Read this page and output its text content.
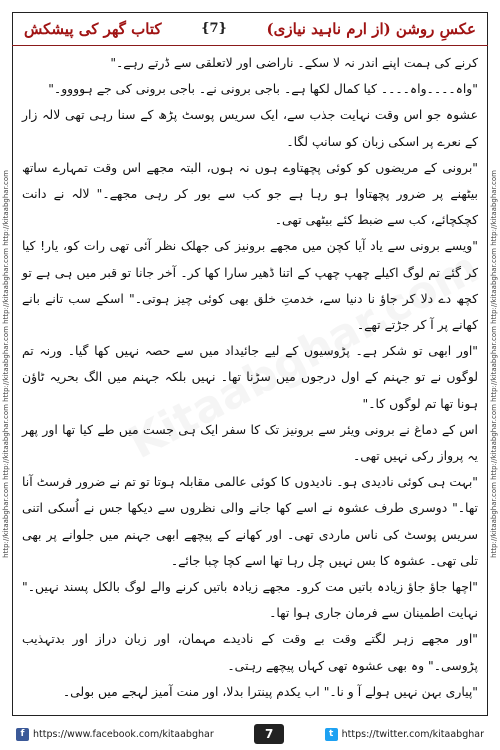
http://kitaabghar.com http://kitaabghar.com http://kitaabghar.com http://kitaabghar.com http://kitaabghar.com	http://kitaabghar.com http://kitaabghar.com http://kitaabghar.com http://kitaabghar.com http://kitaabghar.com
کتاب گھر کی پیشکش	{7}	عکسِ روشن (از ارم ناہید نیازی)

کرنے کی ہمت اپنے اندر نہ لا سکے۔ ناراضی اور لاتعلقی سے ڈرتے رہے۔"

"واہ۔۔۔۔واہ۔۔۔۔ کیا کمال لکھا ہے۔ باجی برونی نے۔ باجی برونی کی جے ہوووو۔"

عشوہ جو اس وقت نہایت جذب سے، ایک سریس پوسٹ پڑھ کے سنا رہی تھی لالہ زار کے نعرے پر اسکی زبان کو سانپ لگا۔

"برونی کے مریضوں کو کوئی پچھتاوے ہوں نہ ہوں، البتہ مجھے اس وقت تمہارے ساتھ بیٹھنے پر ضرور پچھتاوا ہو رہا ہے جو کب سے بور کر رہی مجھے۔" لالہ نے دانت کچکچائے، کب سے ضبط کئے بیٹھی تھی۔

"ویسے برونی سے یاد آیا کچن میں مجھے برونیز کی جھلک نظر آئی تھی رات کو، یار! کیا کر گئے تم لوگ اکیلے چھپ چھپ کے اتنا ڈھیر سارا کھا کر۔ آخر جانا تو قبر میں ہی ہے تو کچھ دے دلا کر جاؤ نا دنیا سے، خدمتِ خلق بھی کوئی چیز ہوتی۔" اسکے سب تانے بانے کھانے پر آ کر جڑتے تھے۔

"اور ابھی تو شکر ہے۔ پڑوسیوں کے لیے جائیداد میں سے حصہ نہیں کھا گیا۔ ورنہ تم لوگوں نے تو جہنم کے اول درجوں میں سڑنا تھا۔ نہیں بلکہ جہنم میں الگ بحریہ ٹاؤن ہونا تھا تم لوگوں کا۔"

اس کے دماغ نے برونی ویئر سے برونیز تک کا سفر ایک ہی جست میں طے کیا تھا اور پھر یہ پرواز رکی نہیں تھی۔

"بہت ہی کوئی نادیدی ہو۔ نادیدوں کا کوئی عالمی مقابلہ ہوتا تو تم نے ضرور فرسٹ آنا تھا۔" دوسری طرف عشوہ نے اسے کھا جانے والی نظروں سے دیکھا جس نے اُسکی اتنی سریس پوسٹ کی ناس ماردی تھی۔ اور کھانے کے پیچھے ابھی جہنم میں جلوانے پر بھی تلی تھی۔ عشوہ کا بس نہیں چل رہا تھا اسے کچا چبا جائے۔

"اچھا جاؤ جاؤ زیادہ باتیں مت کرو۔ مجھے زیادہ باتیں کرنے والے لوگ بالکل پسند نہیں۔" نہایت اطمینان سے فرمان جاری ہوا تھا۔

"اور مجھے زہر لگتے وقت بے وقت کے نادیدے مہمان، اور زبان دراز اور بدتہذیب پڑوسی۔" وہ بھی عشوہ تھی کہاں پیچھے رہتی۔

"پیاری بہن نہیں ہولے آ و نا۔" اب یکدم پینترا بدلا، اور منت آمیز لہجے میں بولی۔

f https://www.facebook.com/kitaabghar	7	t https://twitter.com/kitaabghar
